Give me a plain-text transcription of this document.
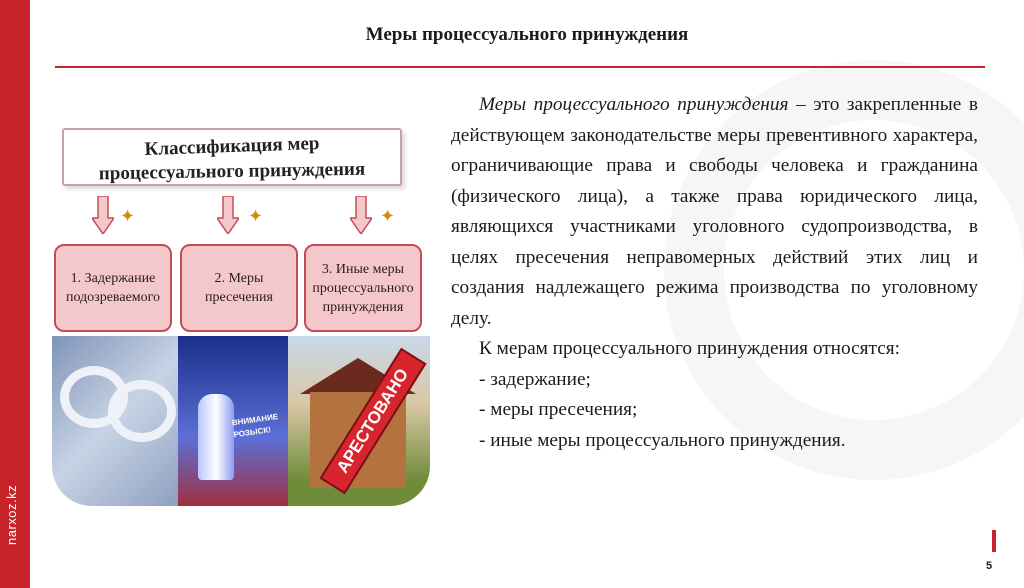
narxoz.kz
Меры процессуального принуждения
Классификация мер
процессуального принуждения
✦	✦	✦
1. Задержание подозреваемого
2. Меры пресечения
3. Иные меры процессуального принуждения
ВНИМАНИЕ
РОЗЫСК!	АРЕСТОВАНО

Меры процессуального принуждения – это закрепленные в действующем законодательстве меры превентивного характера, ограничивающие права и свободы человека и гражданина (физического лица), а также права юридического лица, являющихся участниками уголовного судопроизводства, в целях пресечения неправомерных действий этих лиц и создания надлежащего режима производства по уголовному делу.

К мерам процессуального принуждения относятся:

- задержание;

- меры пресечения;

- иные меры процессуального принуждения.

5
